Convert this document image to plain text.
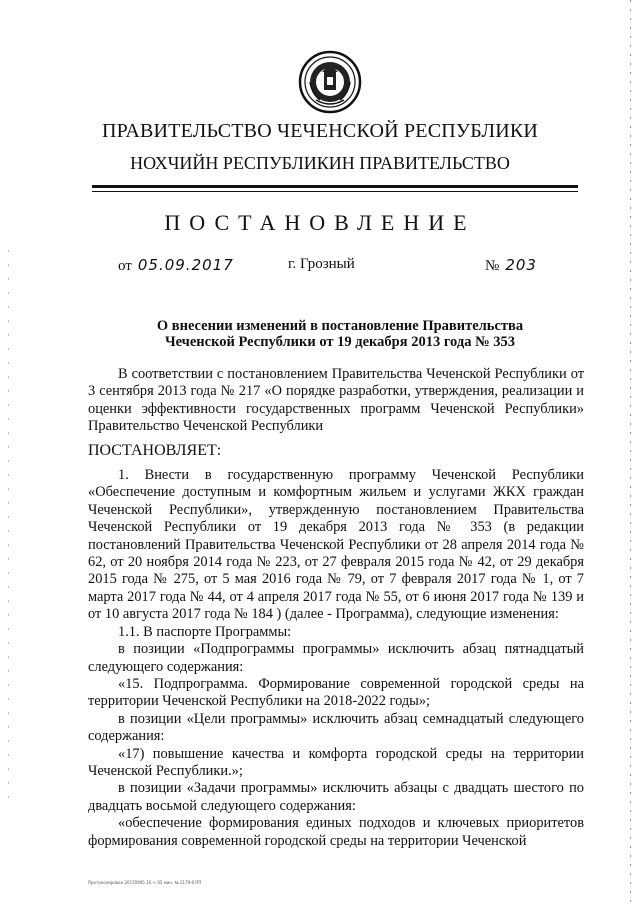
ПРАВИТЕЛЬСТВО ЧЕЧЕНСКОЙ РЕСПУБЛИКИ
НОХЧИЙН РЕСПУБЛИКИН ПРАВИТЕЛЬСТВО
ПОСТАНОВЛЕНИЕ
от 05.09.2017	г. Грозный	№ 203
О внесении изменений в постановление Правительства
Чеченской Республики от 19 декабря 2013 года № 353

В соответствии с постановлением Правительства Чеченской Республики от 3 сентября 2013 года № 217 «О порядке разработки, утверждения, реализации и оценки эффективности государственных программ Чеченской Республики» Правительство Чеченской Республики

ПОСТАНОВЛЯЕТ:

1. Внести в государственную программу Чеченской Республики «Обеспечение доступным и комфортным жильем и услугами ЖКХ граждан Чеченской Республики», утвержденную постановлением Правительства Чеченской Республики от 19 декабря 2013 года № 353 (в редакции постановлений Правительства Чеченской Республики от 28 апреля 2014 года № 62, от 20 ноября 2014 года № 223, от 27 февраля 2015 года № 42, от 29 декабря 2015 года № 275, от 5 мая 2016 года № 79, от 7 февраля 2017 года № 1, от 7 марта 2017 года № 44, от 4 апреля 2017 года № 55, от 6 июня 2017 года № 139 и от 10 августа 2017 года № 184 ) (далее - Программа), следующие изменения:

1.1. В паспорте Программы:

в позиции «Подпрограммы программы» исключить абзац пятнадцатый следующего содержания:

«15. Подпрограмма. Формирование современной городской среды на территории Чеченской Республики на 2018-2022 годы»;

в позиции «Цели программы» исключить абзац семнадцатый следующего содержания:

«17) повышение качества и комфорта городской среды на территории Чеченской Республики.»;

в позиции «Задачи программы» исключить абзацы с двадцать шестого по двадцать восьмой следующего содержания:

«обеспечение формирования единых подходов и ключевых приоритетов формирования современной городской среды на территории Чеченской

Протоколирован 20170905 10 ч. 05 мин. № 2179-0 ПП
